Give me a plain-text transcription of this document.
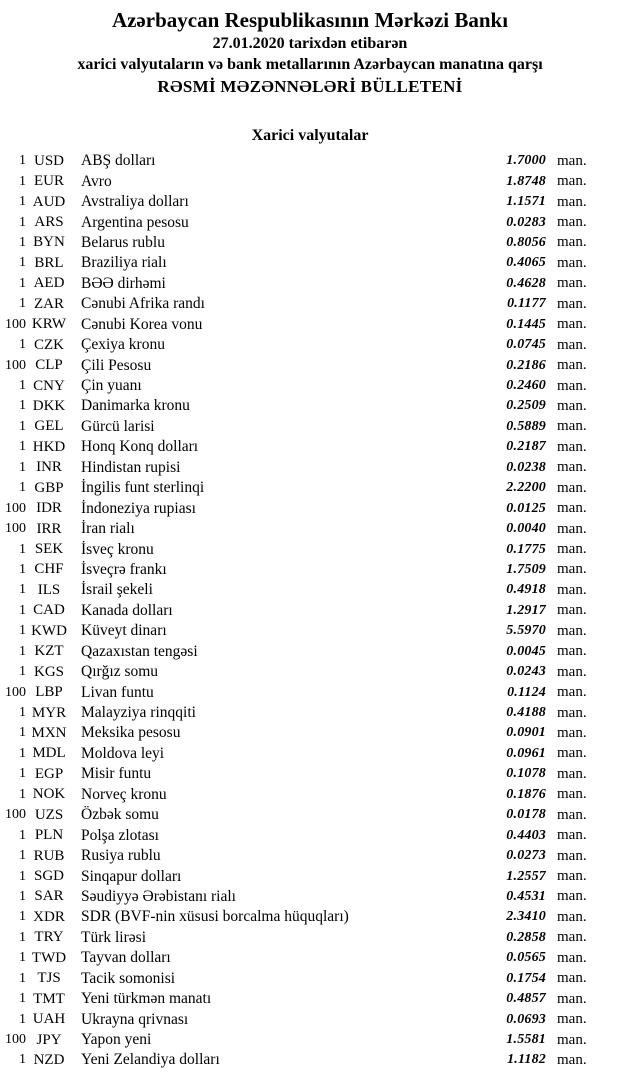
Azərbaycan Respublikasının Mərkəzi Bankı
27.01.2020 tarixdən etibarən
xarici valyutaların və bank metallarının Azərbaycan manatına qarşı
RƏSMİ MƏZƏNNƏLƏRİ BÜLLETENİ
Xarici valyutalar
1 USD	ABŞ dolları	1.7000 man.
1 EUR	Avro	1.8748 man.
1 AUD	Avstraliya dolları	1.1571 man.
1 ARS	Argentina pesosu	0.0283 man.
1 BYN	Belarus rublu	0.8056 man.
1 BRL	Braziliya rialı	0.4065 man.
1 AED	BƏƏ dirhəmi	0.4628 man.
1 ZAR	Cənubi Afrika randı	0.1177 man.
100 KRW Cənubi Korea vonu	0.1445 man.
1 CZK	Çexiya kronu	0.0745 man.
100 CLP	Çili Pesosu	0.2186 man.
1 CNY	Çin yuanı	0.2460 man.
1 DKK	Danimarka kronu	0.2509 man.
1 GEL	Gürcü larisi	0.5889 man.
1 HKD	Honq Konq dolları	0.2187 man.
1 INR	Hindistan rupisi	0.0238 man.
1 GBP	İngilis funt sterlinqi	2.2200 man.
100 IDR	İndoneziya rupiası	0.0125 man.
100 IRR	İran rialı	0.0040 man.
1 SEK	İsveç kronu	0.1775 man.
1 CHF	İsveçrə frankı	1.7509 man.
1 ILS	İsrail şekeli	0.4918 man.
1 CAD	Kanada dolları	1.2917 man.
1 KWD Küveyt dinarı	5.5970 man.
1 KZT	Qazaxıstan tengəsi	0.0045 man.
1 KGS	Qırğız somu	0.0243 man.
100 LBP	Livan funtu	0.1124 man.
1 MYR Malayziya rinqqiti	0.4188 man.
1 MXN Meksika pesosu	0.0901 man.
1 MDL Moldova leyi	0.0961 man.
1 EGP	Misir funtu	0.1078 man.
1 NOK	Norveç kronu	0.1876 man.
100 UZS	Özbək somu	0.0178 man.
1 PLN	Polşa zlotası	0.4403 man.
1 RUB	Rusiya rublu	0.0273 man.
1 SGD	Sinqapur dolları	1.2557 man.
1 SAR	Səudiyyə Ərəbistanı rialı	0.4531 man.
1 XDR	SDR (BVF-nin xüsusi borcalma hüquqları)	2.3410 man.
1 TRY	Türk lirəsi	0.2858 man.
1 TWD Tayvan dolları	0.0565 man.
1 TJS	Tacik somonisi	0.1754 man.
1 TMT	Yeni türkmən manatı	0.4857 man.
1 UAH	Ukrayna qrivnası	0.0693 man.
100 JPY	Yapon yeni	1.5581 man.
1 NZD	Yeni Zelandiya dolları	1.1182 man.
